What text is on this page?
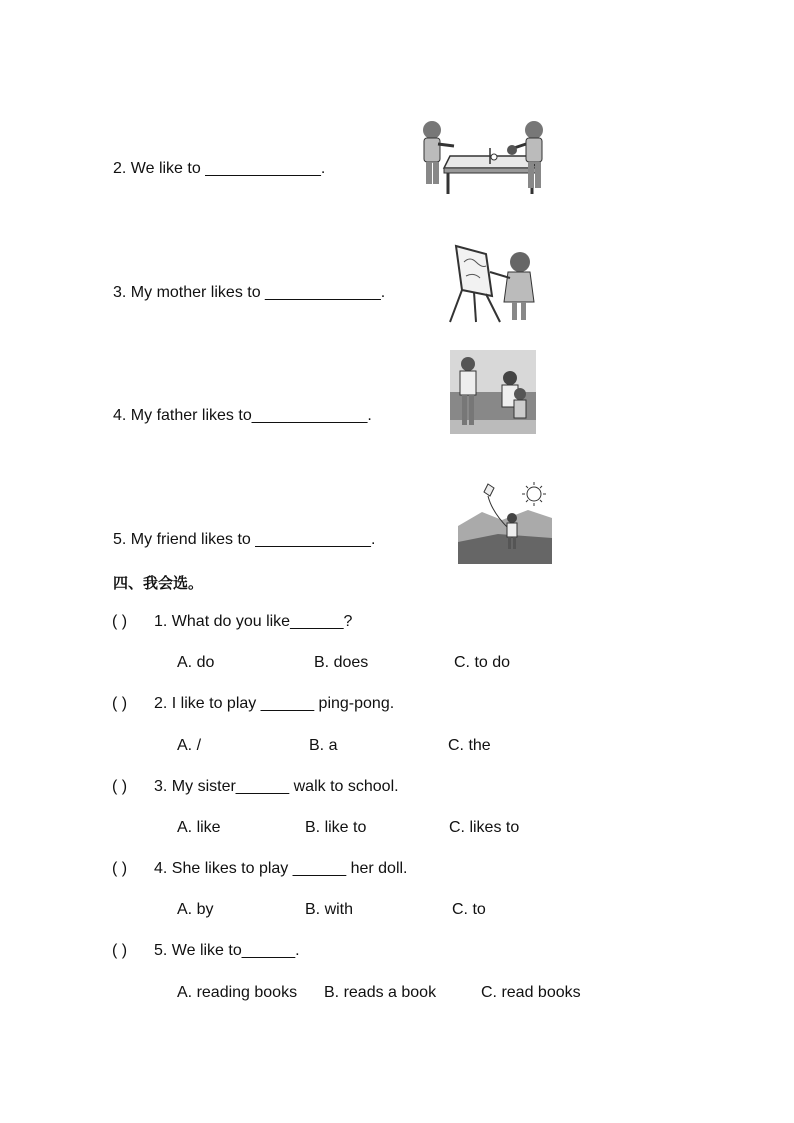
2. We like to _____________.
3. My mother likes to _____________.
4. My father likes to_____________.
5. My friend likes to _____________.
四、我会选。
( ) 1. What do you like______?
A. do	B. does	C. to do
( ) 2. I like to play ______ ping-pong.
A. /	B. a	C. the
( ) 3. My sister______ walk to school.
A. like	B. like to	C. likes to
( ) 4. She likes to play ______ her doll.
A. by	B. with	C. to
( ) 5. We like to______.
A. reading books B. reads a book	C. read books
